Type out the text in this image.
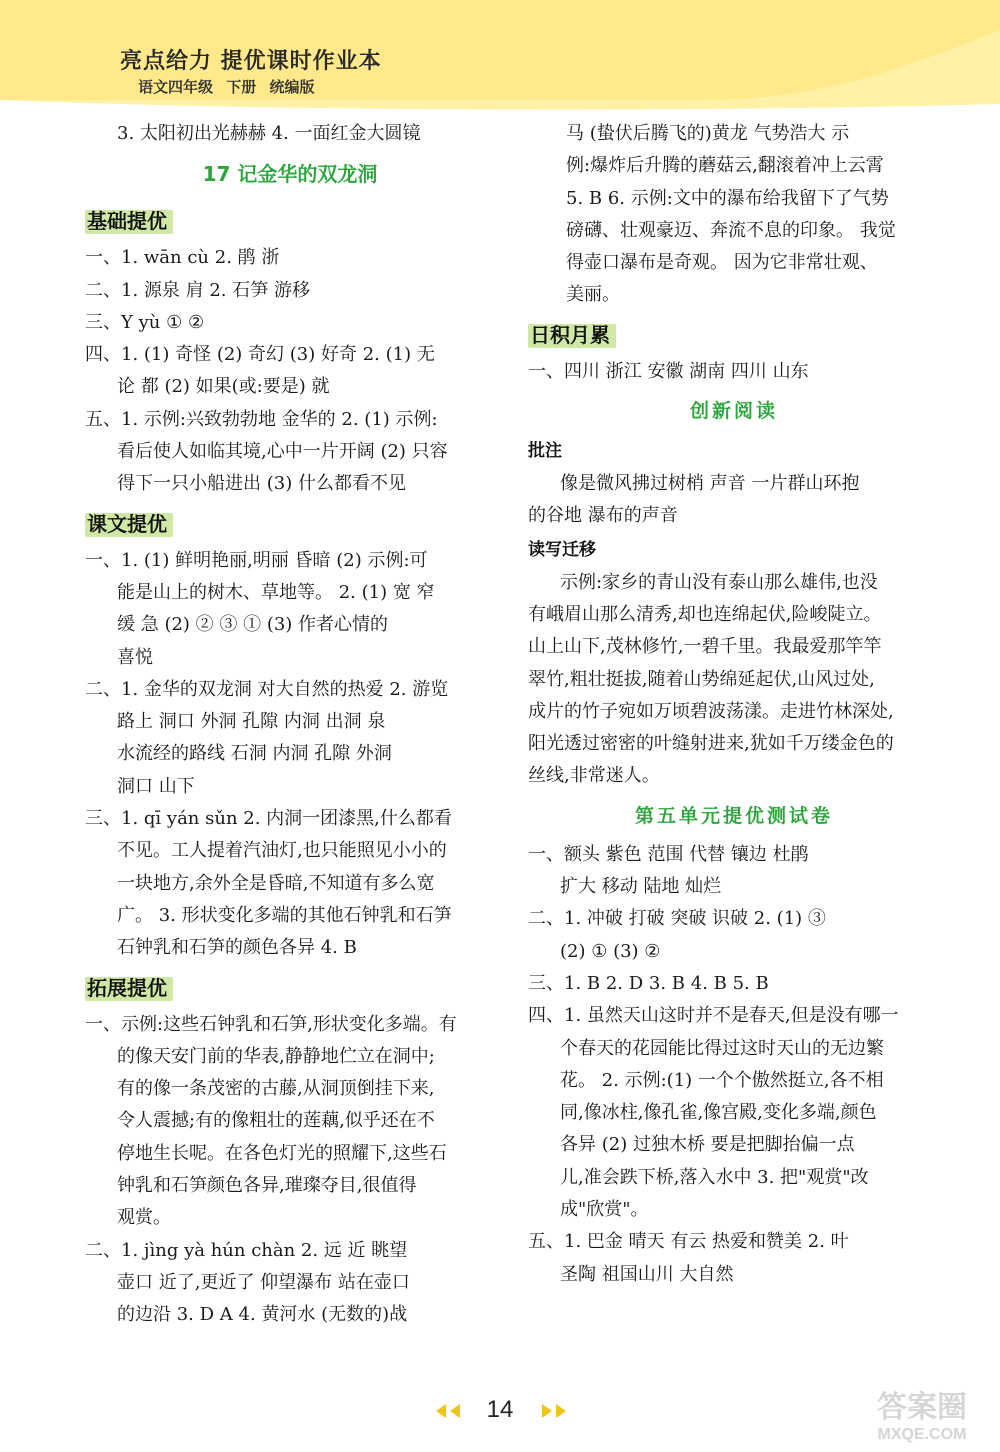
亮点给力 提优课时作业本
语文四年级 下册 统编版
3. 太阳初出光赫赫 4. 一面红金大圆镜
17 记金华的双龙洞
基础提优
一、1. wān cù 2. 鹃 浙
二、1. 源泉 肩 2. 石笋 游移
三、Y yù ① ②
四、1. (1) 奇怪 (2) 奇幻 (3) 好奇 2. (1) 无
论 都 (2) 如果(或:要是) 就
五、1. 示例:兴致勃勃地 金华的 2. (1) 示例:
看后使人如临其境,心中一片开阔 (2) 只容
得下一只小船进出 (3) 什么都看不见
课文提优
一、1. (1) 鲜明艳丽,明丽 昏暗 (2) 示例:可
能是山上的树木、草地等。 2. (1) 宽 窄
缓 急 (2) ② ③ ① (3) 作者心情的
喜悦
二、1. 金华的双龙洞 对大自然的热爱 2. 游览
路上 洞口 外洞 孔隙 内洞 出洞 泉
水流经的路线 石洞 内洞 孔隙 外洞
洞口 山下
三、1. qī yán sǔn 2. 内洞一团漆黑,什么都看
不见。工人提着汽油灯,也只能照见小小的
一块地方,余外全是昏暗,不知道有多么宽
广。 3. 形状变化多端的其他石钟乳和石笋
石钟乳和石笋的颜色各异 4. B
拓展提优
一、示例:这些石钟乳和石笋,形状变化多端。有
的像天安门前的华表,静静地伫立在洞中;
有的像一条茂密的古藤,从洞顶倒挂下来,
令人震撼;有的像粗壮的莲藕,似乎还在不
停地生长呢。在各色灯光的照耀下,这些石
钟乳和石笋颜色各异,璀璨夺目,很值得
观赏。
二、1. jìng yà hún chàn 2. 远 近 眺望
壶口 近了,更近了 仰望瀑布 站在壶口
的边沿 3. D A 4. 黄河水 (无数的)战
马 (蛰伏后腾飞的)黄龙 气势浩大 示
例:爆炸后升腾的蘑菇云,翻滚着冲上云霄
5. B 6. 示例:文中的瀑布给我留下了气势
磅礴、壮观豪迈、奔流不息的印象。 我觉
得壶口瀑布是奇观。 因为它非常壮观、
美丽。
日积月累
一、四川 浙江 安徽 湖南 四川 山东
创新阅读
批注
像是微风拂过树梢 声音 一片群山环抱
的谷地 瀑布的声音
读写迁移
示例:家乡的青山没有泰山那么雄伟,也没
有峨眉山那么清秀,却也连绵起伏,险峻陡立。
山上山下,茂林修竹,一碧千里。我最爱那竿竿
翠竹,粗壮挺拔,随着山势绵延起伏,山风过处,
成片的竹子宛如万顷碧波荡漾。走进竹林深处,
阳光透过密密的叶缝射进来,犹如千万缕金色的
丝线,非常迷人。
第五单元提优测试卷
一、额头 紫色 范围 代替 镶边 杜鹃
扩大 移动 陆地 灿烂
二、1. 冲破 打破 突破 识破 2. (1) ③
(2) ① (3) ②
三、1. B 2. D 3. B 4. B 5. B
四、1. 虽然天山这时并不是春天,但是没有哪一
个春天的花园能比得过这时天山的无边繁
花。 2. 示例:(1) 一个个傲然挺立,各不相
同,像冰柱,像孔雀,像宫殿,变化多端,颜色
各异 (2) 过独木桥 要是把脚抬偏一点
儿,准会跌下桥,落入水中 3. 把"观赏"改
成"欣赏"。
五、1. 巴金 晴天 有云 热爱和赞美 2. 叶
圣陶 祖国山川 大自然
14	答案圈
MXQE.COM
